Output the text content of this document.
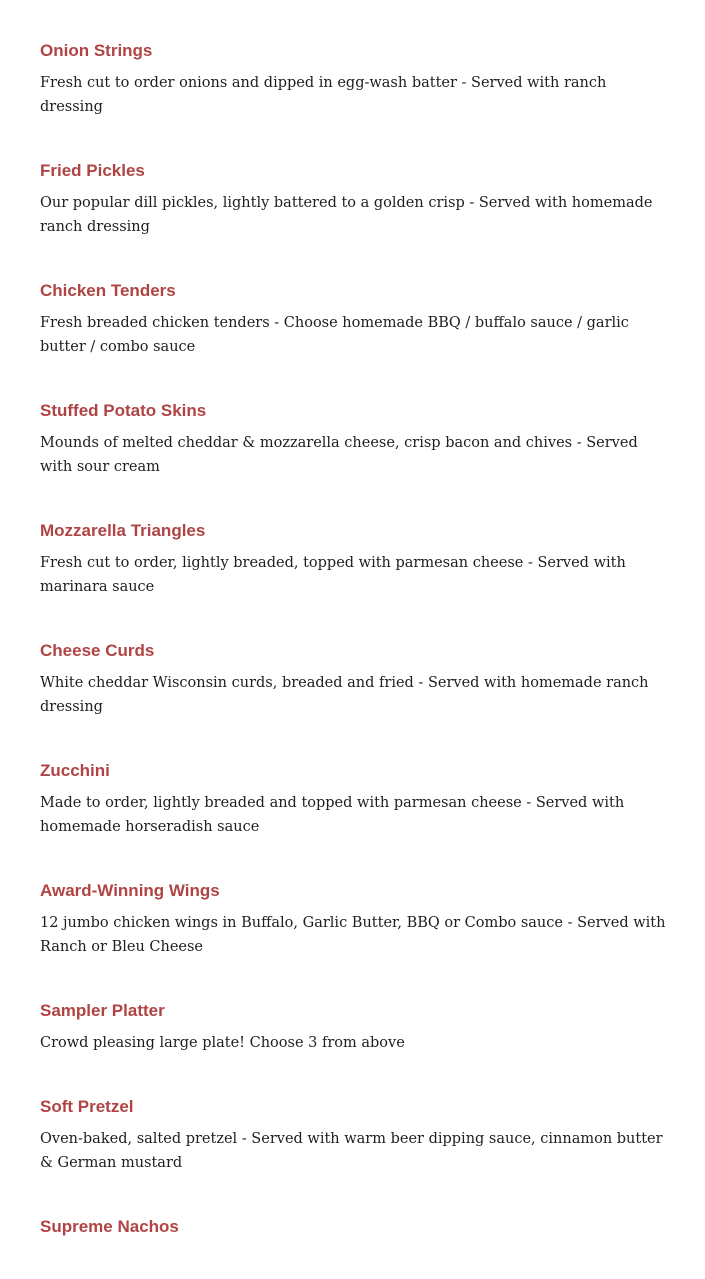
Onion Strings

Fresh cut to order onions and dipped in egg-wash batter - Served with ranch dressing

Fried Pickles

Our popular dill pickles, lightly battered to a golden crisp - Served with homemade ranch dressing

Chicken Tenders

Fresh breaded chicken tenders - Choose homemade BBQ / buffalo sauce / garlic butter / combo sauce

Stuffed Potato Skins

Mounds of melted cheddar & mozzarella cheese, crisp bacon and chives - Served with sour cream

Mozzarella Triangles

Fresh cut to order, lightly breaded, topped with parmesan cheese - Served with marinara sauce

Cheese Curds

White cheddar Wisconsin curds, breaded and fried - Served with homemade ranch dressing

Zucchini

Made to order, lightly breaded and topped with parmesan cheese - Served with homemade horseradish sauce

Award-Winning Wings

12 jumbo chicken wings in Buffalo, Garlic Butter, BBQ or Combo sauce - Served with Ranch or Bleu Cheese

Sampler Platter

Crowd pleasing large plate! Choose 3 from above

Soft Pretzel

Oven-baked, salted pretzel - Served with warm beer dipping sauce, cinnamon butter & German mustard

Supreme Nachos
